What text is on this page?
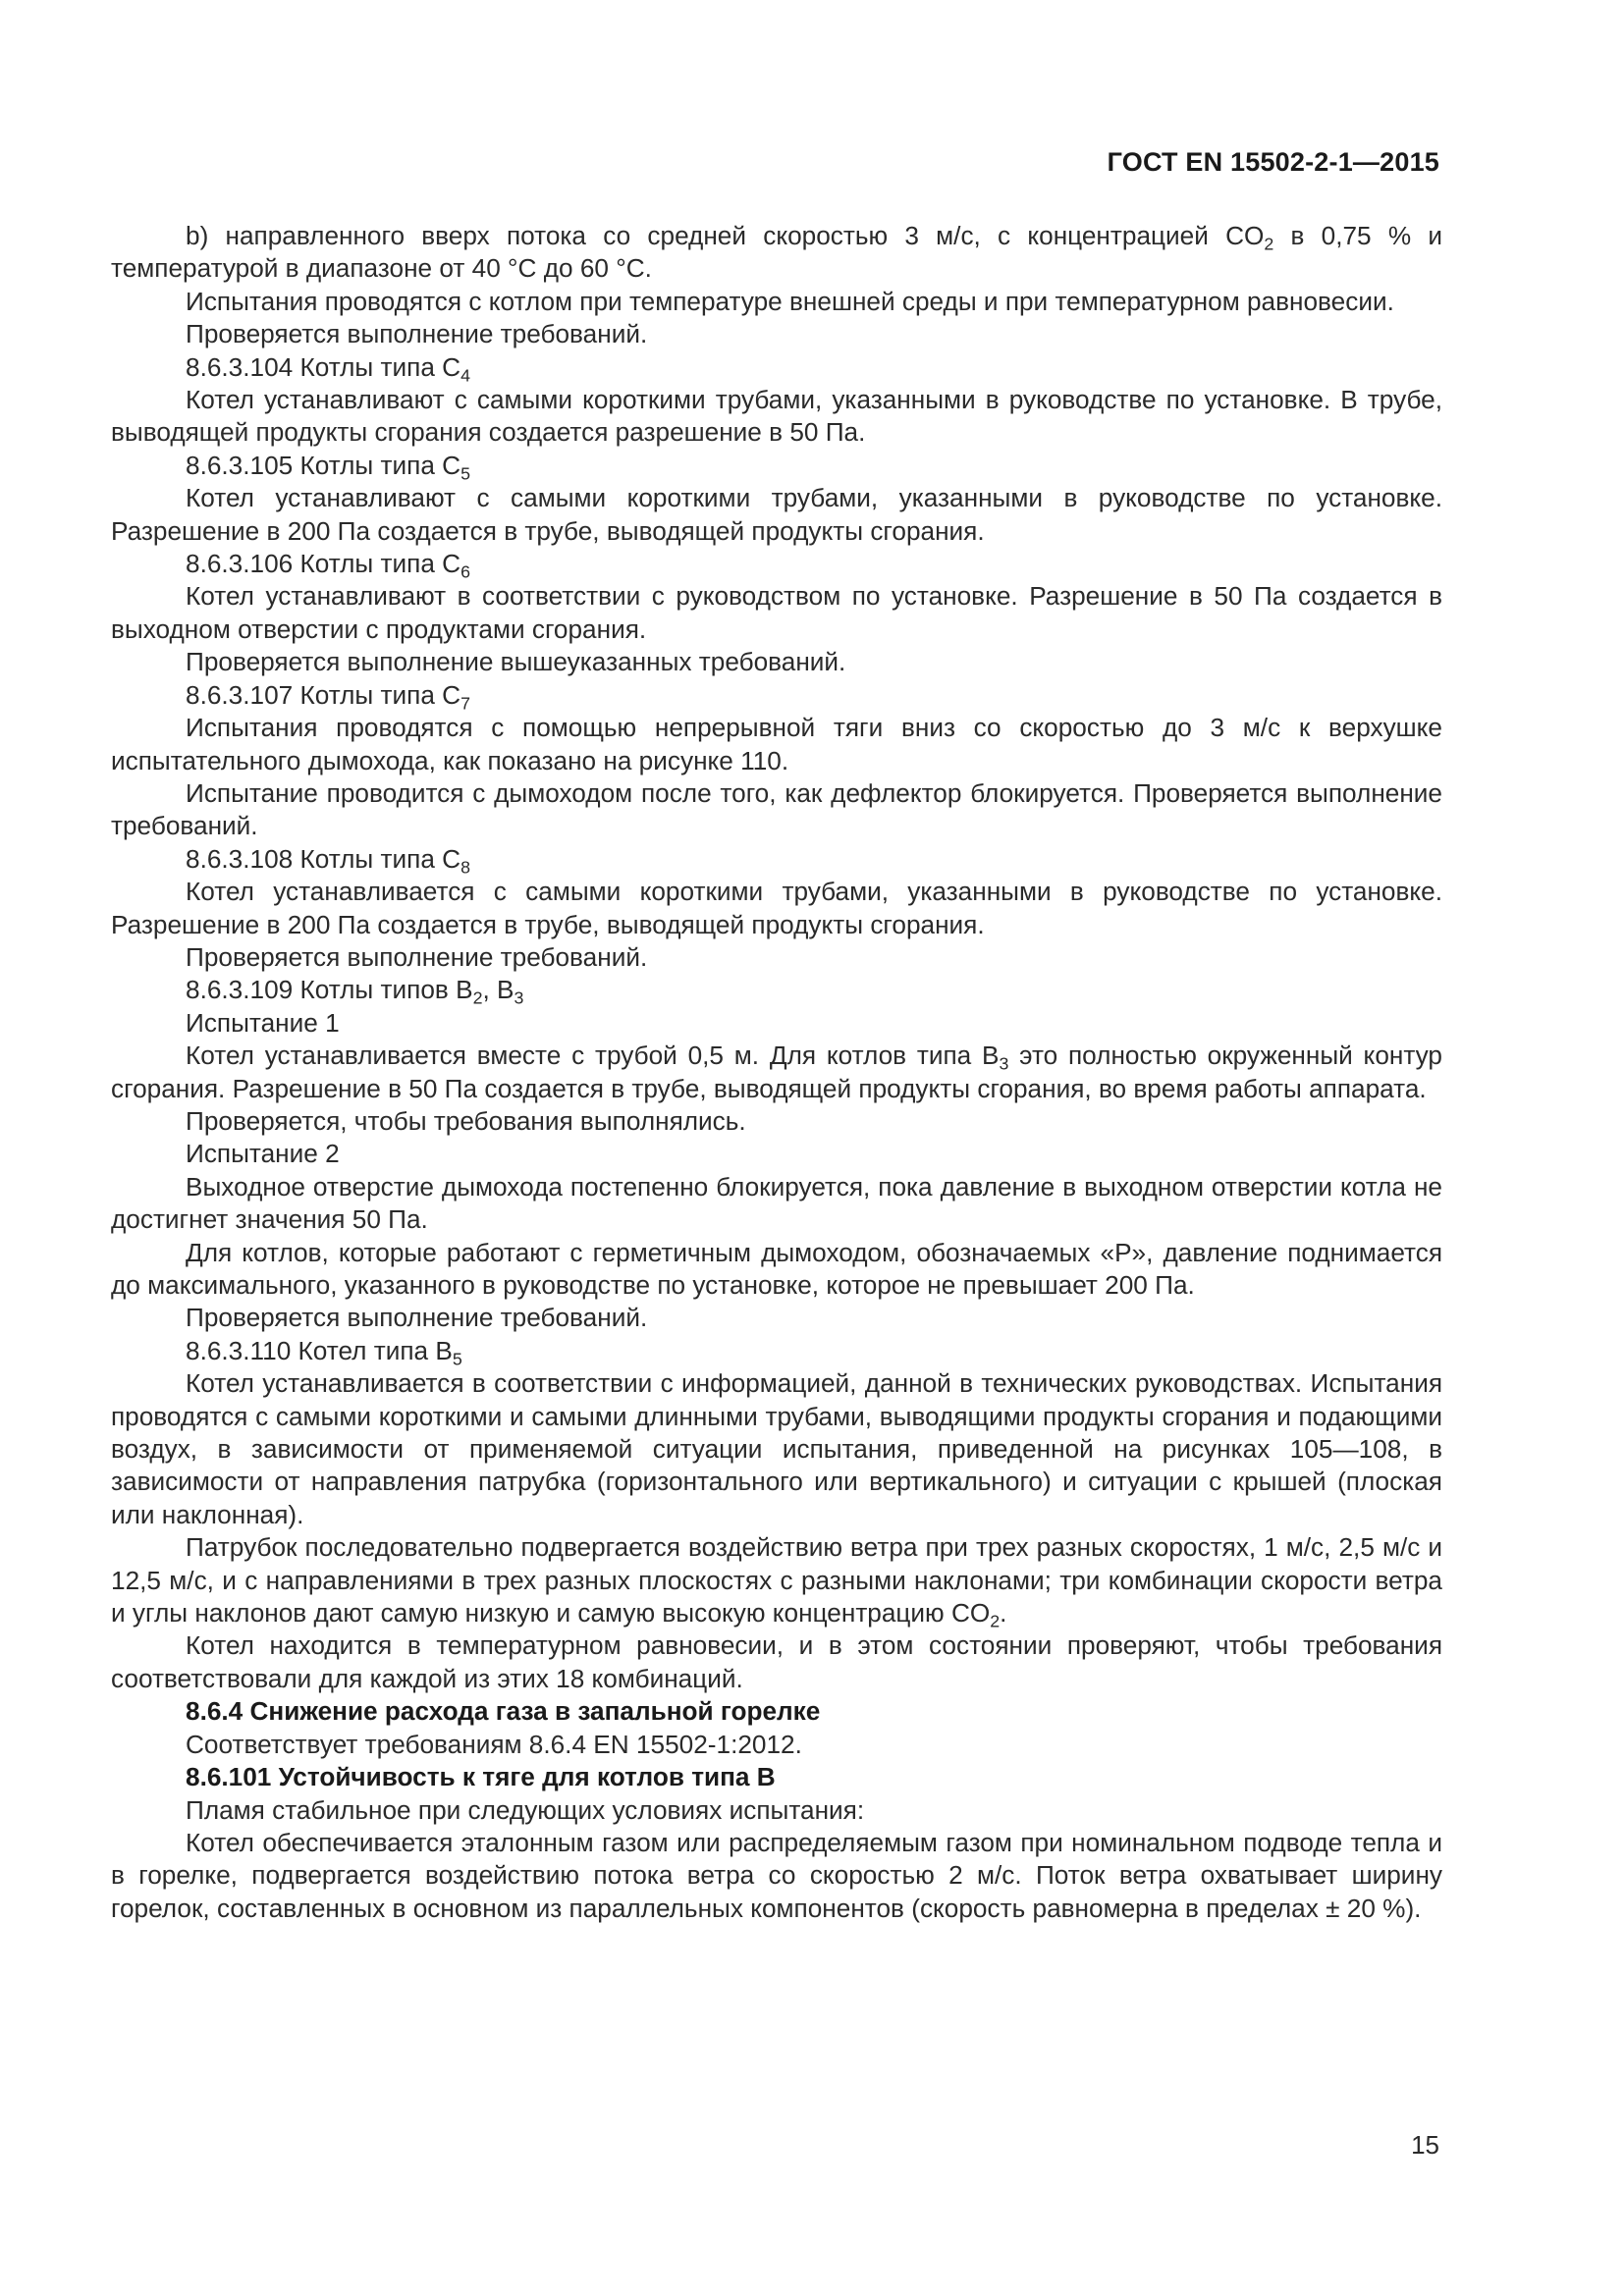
ГОСТ EN 15502-2-1—2015

b) направленного вверх потока со средней скоростью 3 м/с, с концентрацией $CO_2$ в 0,75 % и температурой в диапазоне от 40 °C до 60 °C.

Испытания проводятся с котлом при температуре внешней среды и при температурном равновесии.

Проверяется выполнение требований.

8.6.3.104 Котлы типа $C_4$

Котел устанавливают с самыми короткими трубами, указанными в руководстве по установке. В трубе, выводящей продукты сгорания создается разрешение в 50 Па.

8.6.3.105 Котлы типа $C_5$

Котел устанавливают с самыми короткими трубами, указанными в руководстве по установке. Разрешение в 200 Па создается в трубе, выводящей продукты сгорания.

8.6.3.106 Котлы типа $C_6$

Котел устанавливают в соответствии с руководством по установке. Разрешение в 50 Па создается в выходном отверстии с продуктами сгорания.

Проверяется выполнение вышеуказанных требований.

8.6.3.107 Котлы типа $C_7$

Испытания проводятся с помощью непрерывной тяги вниз со скоростью до 3 м/с к верхушке испытательного дымохода, как показано на рисунке 110.

Испытание проводится с дымоходом после того, как дефлектор блокируется. Проверяется выполнение требований.

8.6.3.108 Котлы типа $C_8$

Котел устанавливается с самыми короткими трубами, указанными в руководстве по установке. Разрешение в 200 Па создается в трубе, выводящей продукты сгорания.

Проверяется выполнение требований.

8.6.3.109 Котлы типов $B_2$, $B_3$

Испытание 1

Котел устанавливается вместе с трубой 0,5 м. Для котлов типа $B_3$ это полностью окруженный контур сгорания. Разрешение в 50 Па создается в трубе, выводящей продукты сгорания, во время работы аппарата.

Проверяется, чтобы требования выполнялись.

Испытание 2

Выходное отверстие дымохода постепенно блокируется, пока давление в выходном отверстии котла не достигнет значения 50 Па.

Для котлов, которые работают с герметичным дымоходом, обозначаемых «P», давление поднимается до максимального, указанного в руководстве по установке, которое не превышает 200 Па.

Проверяется выполнение требований.

8.6.3.110 Котел типа $B_5$

Котел устанавливается в соответствии с информацией, данной в технических руководствах. Испытания проводятся с самыми короткими и самыми длинными трубами, выводящими продукты сгорания и подающими воздух, в зависимости от применяемой ситуации испытания, приведенной на рисунках 105—108, в зависимости от направления патрубка (горизонтального или вертикального) и ситуации с крышей (плоская или наклонная).

Патрубок последовательно подвергается воздействию ветра при трех разных скоростях, 1 м/с, 2,5 м/с и 12,5 м/с, и с направлениями в трех разных плоскостях с разными наклонами; три комбинации скорости ветра и углы наклонов дают самую низкую и самую высокую концентрацию $CO_2$.

Котел находится в температурном равновесии, и в этом состоянии проверяют, чтобы требования соответствовали для каждой из этих 18 комбинаций.

8.6.4 Снижение расхода газа в запальной горелке

Соответствует требованиям 8.6.4 EN 15502-1:2012.

8.6.101 Устойчивость к тяге для котлов типа B

Пламя стабильное при следующих условиях испытания:

Котел обеспечивается эталонным газом или распределяемым газом при номинальном подводе тепла и в горелке, подвергается воздействию потока ветра со скоростью 2 м/с. Поток ветра охватывает ширину горелок, составленных в основном из параллельных компонентов (скорость равномерна в пределах ± 20 %).

15
